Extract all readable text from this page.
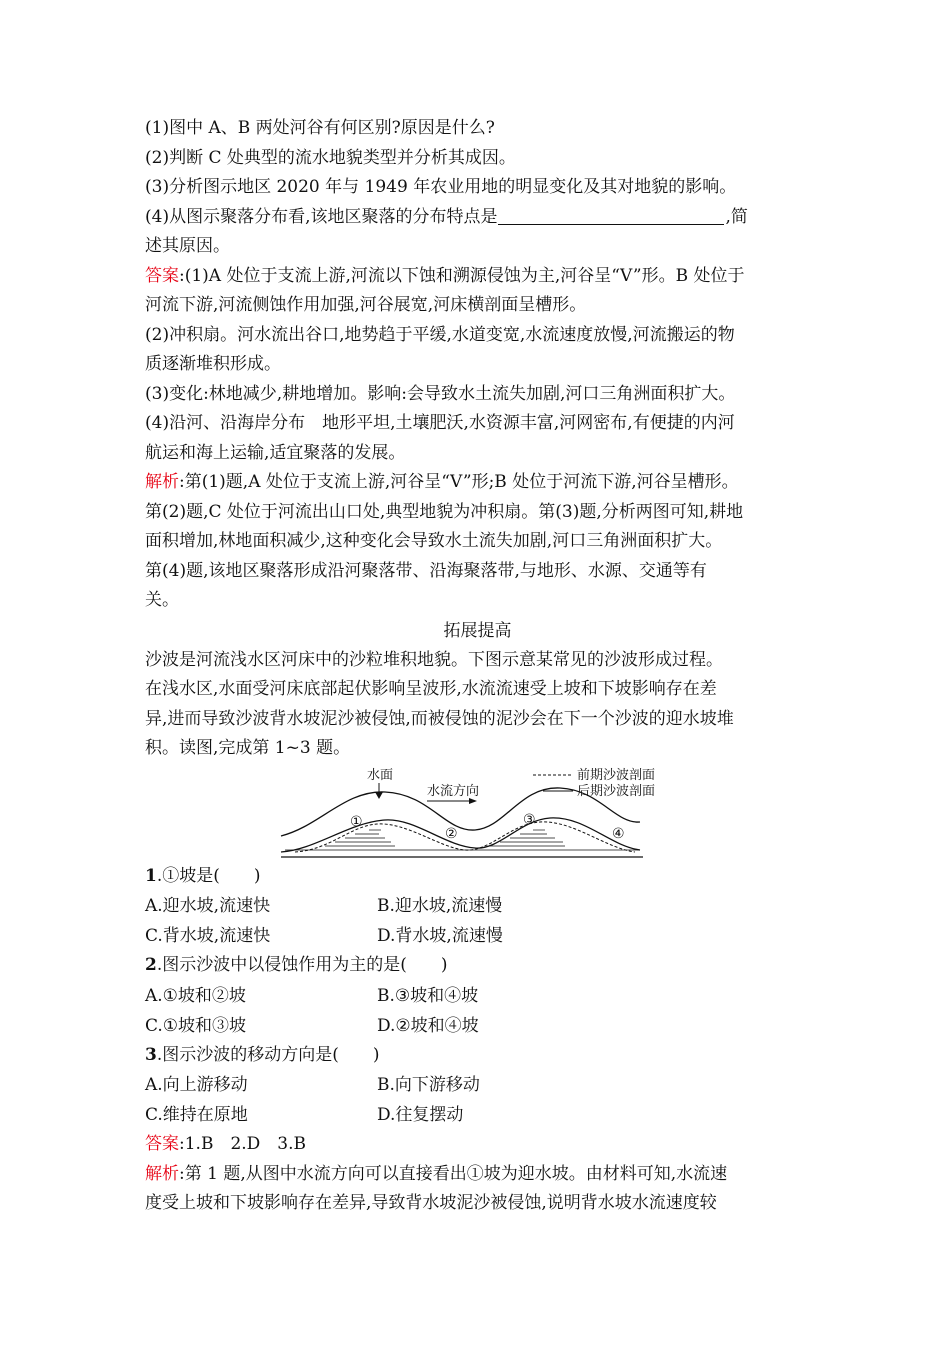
(1)图中 A、B 两处河谷有何区别?原因是什么?
(2)判断 C 处典型的流水地貌类型并分析其成因。
(3)分析图示地区 2020 年与 1949 年农业用地的明显变化及其对地貌的影响。
(4)从图示聚落分布看,该地区聚落的分布特点是	,简
述其原因。
答案:(1)A 处位于支流上游,河流以下蚀和溯源侵蚀为主,河谷呈“V”形。B 处位于
河流下游,河流侧蚀作用加强,河谷展宽,河床横剖面呈槽形。
(2)冲积扇。河水流出谷口,地势趋于平缓,水道变宽,水流速度放慢,河流搬运的物
质逐渐堆积形成。
(3)变化:林地减少,耕地增加。影响:会导致水土流失加剧,河口三角洲面积扩大。
(4)沿河、沿海岸分布　地形平坦,土壤肥沃,水资源丰富,河网密布,有便捷的内河
航运和海上运输,适宜聚落的发展。
解析:第(1)题,A 处位于支流上游,河谷呈“V”形;B 处位于河流下游,河谷呈槽形。
第(2)题,C 处位于河流出山口处,典型地貌为冲积扇。第(3)题,分析两图可知,耕地
面积增加,林地面积减少,这种变化会导致水土流失加剧,河口三角洲面积扩大。
第(4)题,该地区聚落形成沿河聚落带、沿海聚落带,与地形、水源、交通等有
关。
拓展提高
沙波是河流浅水区河床中的沙粒堆积地貌。下图示意某常见的沙波形成过程。
在浅水区,水面受河床底部起伏影响呈波形,水流流速受上坡和下坡影响存在差
异,进而导致沙波背水坡泥沙被侵蚀,而被侵蚀的泥沙会在下一个沙波的迎水坡堆
积。读图,完成第 1~3 题。
水面
水流方向
前期沙波剖面
后期沙波剖面
①
②
③
④
1.①坡是(　　)
A.迎水坡,流速快	B.迎水坡,流速慢
C.背水坡,流速快	D.背水坡,流速慢
2.图示沙波中以侵蚀作用为主的是(　　)
A.①坡和②坡	B.③坡和④坡
C.①坡和③坡	D.②坡和④坡
3.图示沙波的移动方向是(　　)
A.向上游移动	B.向下游移动
C.维持在原地	D.往复摆动
答案:1.B　2.D　3.B
解析:第 1 题,从图中水流方向可以直接看出①坡为迎水坡。由材料可知,水流速
度受上坡和下坡影响存在差异,导致背水坡泥沙被侵蚀,说明背水坡水流速度较
